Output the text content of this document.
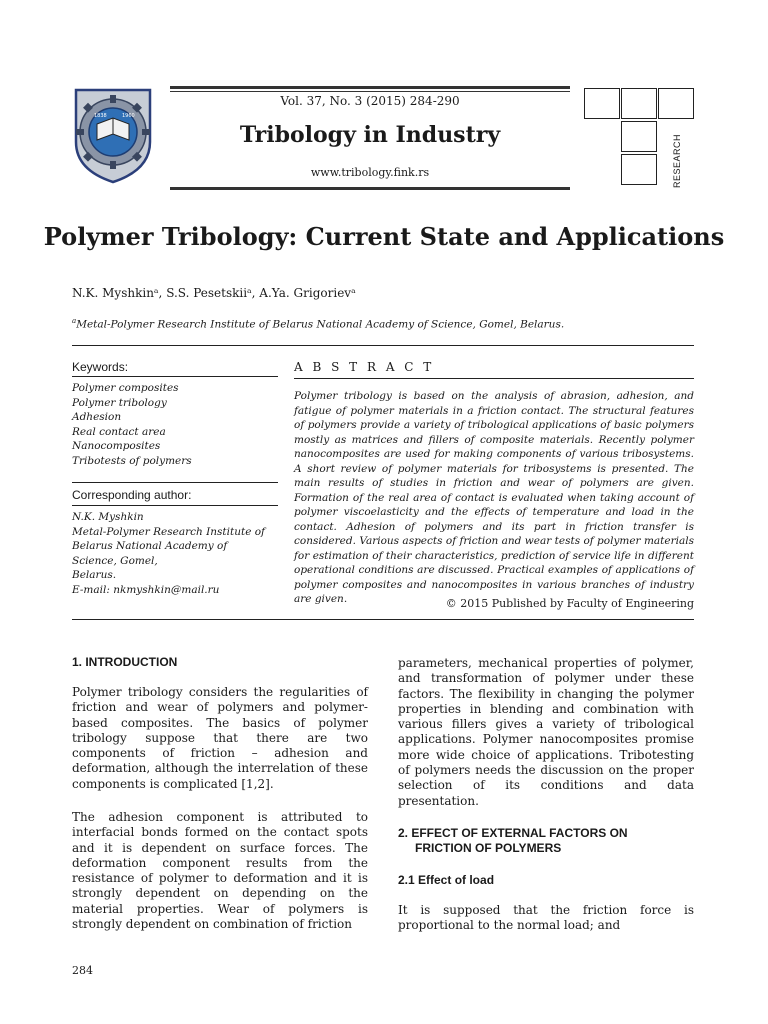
1838	1960
Vol. 37, No. 3 (2015) 284-290
Tribology in Industry
www.tribology.fink.rs	RESEARCH
Polymer Tribology: Current State and Applications
N.K. Myshkinᵃ, S.S. Pesetskiiᵃ, A.Ya. Grigorievᵃ
$^a$Metal-Polymer Research Institute of Belarus National Academy of Science, Gomel, Belarus.
Keywords:
Polymer composites
Polymer tribology
Adhesion
Real contact area
Nanocomposites
Tribotests of polymers
Corresponding author:
N.K. Myshkin
Metal-Polymer Research Institute of
Belarus National Academy of
Science, Gomel,
Belarus.
E-mail: nkmyshkin@mail.ru
A B S T R A C T
Polymer tribology is based on the analysis of abrasion, adhesion, and fatigue of polymer materials in a friction contact. The structural features of polymers provide a variety of tribological applications of basic polymers mostly as matrices and fillers of composite materials. Recently polymer nanocomposites are used for making components of various tribosystems. A short review of polymer materials for tribosystems is presented. The main results of studies in friction and wear of polymers are given. Formation of the real area of contact is evaluated when taking account of polymer viscoelasticity and the effects of temperature and load in the contact. Adhesion of polymers and its part in friction transfer is considered. Various aspects of friction and wear tests of polymer materials for estimation of their characteristics, prediction of service life in different operational conditions are discussed. Practical examples of applications of polymer composites and nanocomposites in various branches of industry are given.	© 2015 Published by Faculty of Engineering
1. INTRODUCTION
Polymer tribology considers the regularities of friction and wear of polymers and polymer-based composites. The basics of polymer tribology suppose that there are two components of friction – adhesion and deformation, although the interrelation of these components is complicated [1,2].
The adhesion component is attributed to interfacial bonds formed on the contact spots and it is dependent on surface forces. The deformation component results from the resistance of polymer to deformation and it is strongly dependent on depending on the material properties. Wear of polymers is strongly dependent on combination of friction
parameters, mechanical properties of polymer, and transformation of polymer under these factors. The flexibility in changing the polymer properties in blending and combination with various fillers gives a variety of tribological applications. Polymer nanocomposites promise more wide choice of applications. Tribotesting of polymers needs the discussion on the proper selection of its conditions and data presentation.
2. EFFECT OF EXTERNAL FACTORS ON
FRICTION OF POLYMERS
2.1 Effect of load
It is supposed that the friction force is proportional to the normal load; and
284
